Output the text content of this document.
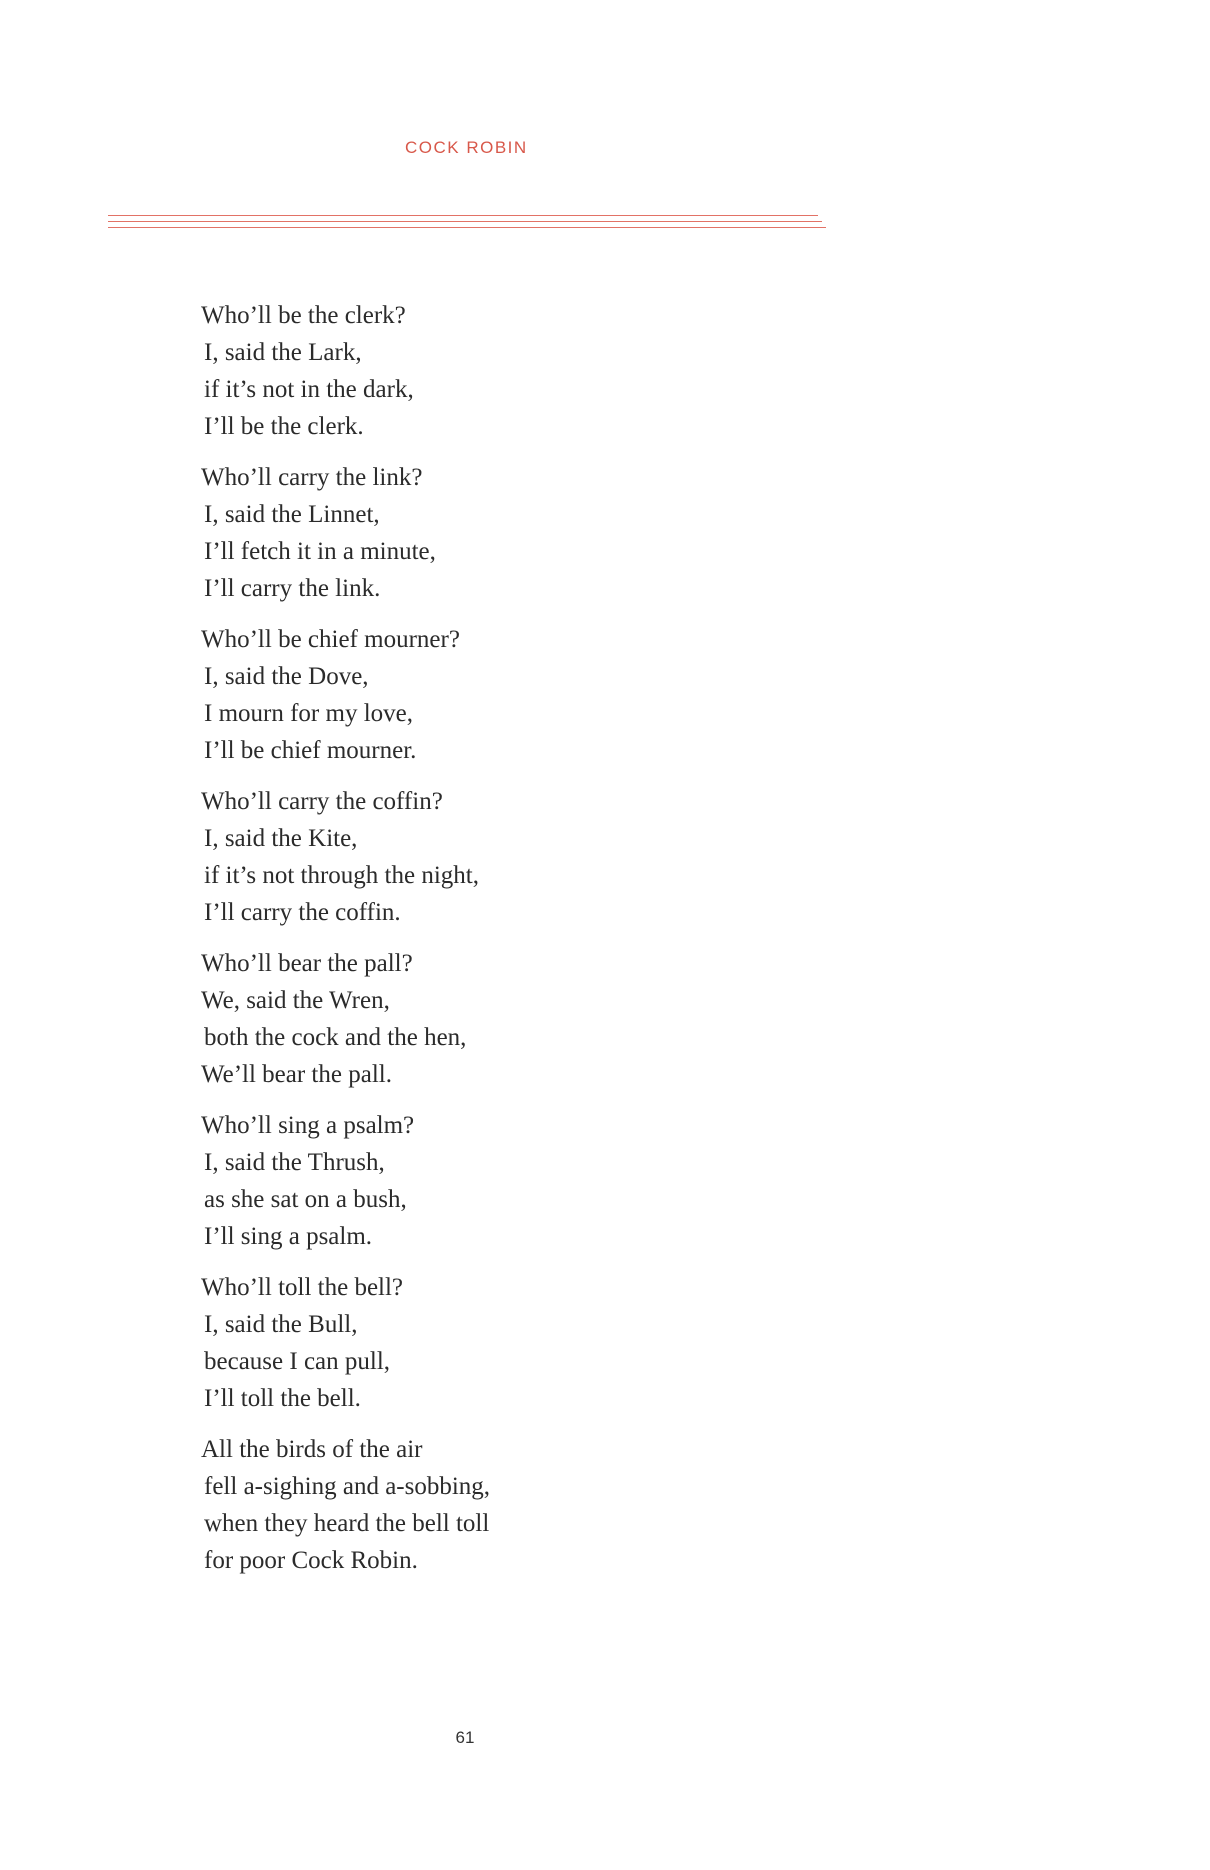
COCK ROBIN
Who’ll be the clerk?
I, said the Lark,
if it’s not in the dark,
I’ll be the clerk.
Who’ll carry the link?
I, said the Linnet,
I’ll fetch it in a minute,
I’ll carry the link.
Who’ll be chief mourner?
I, said the Dove,
I mourn for my love,
I’ll be chief mourner.
Who’ll carry the coffin?
I, said the Kite,
if it’s not through the night,
I’ll carry the coffin.
Who’ll bear the pall?
We, said the Wren,
both the cock and the hen,
We’ll bear the pall.
Who’ll sing a psalm?
I, said the Thrush,
as she sat on a bush,
I’ll sing a psalm.
Who’ll toll the bell?
I, said the Bull,
because I can pull,
I’ll toll the bell.
All the birds of the air
fell a-sighing and a-sobbing,
when they heard the bell toll
for poor Cock Robin.
61
